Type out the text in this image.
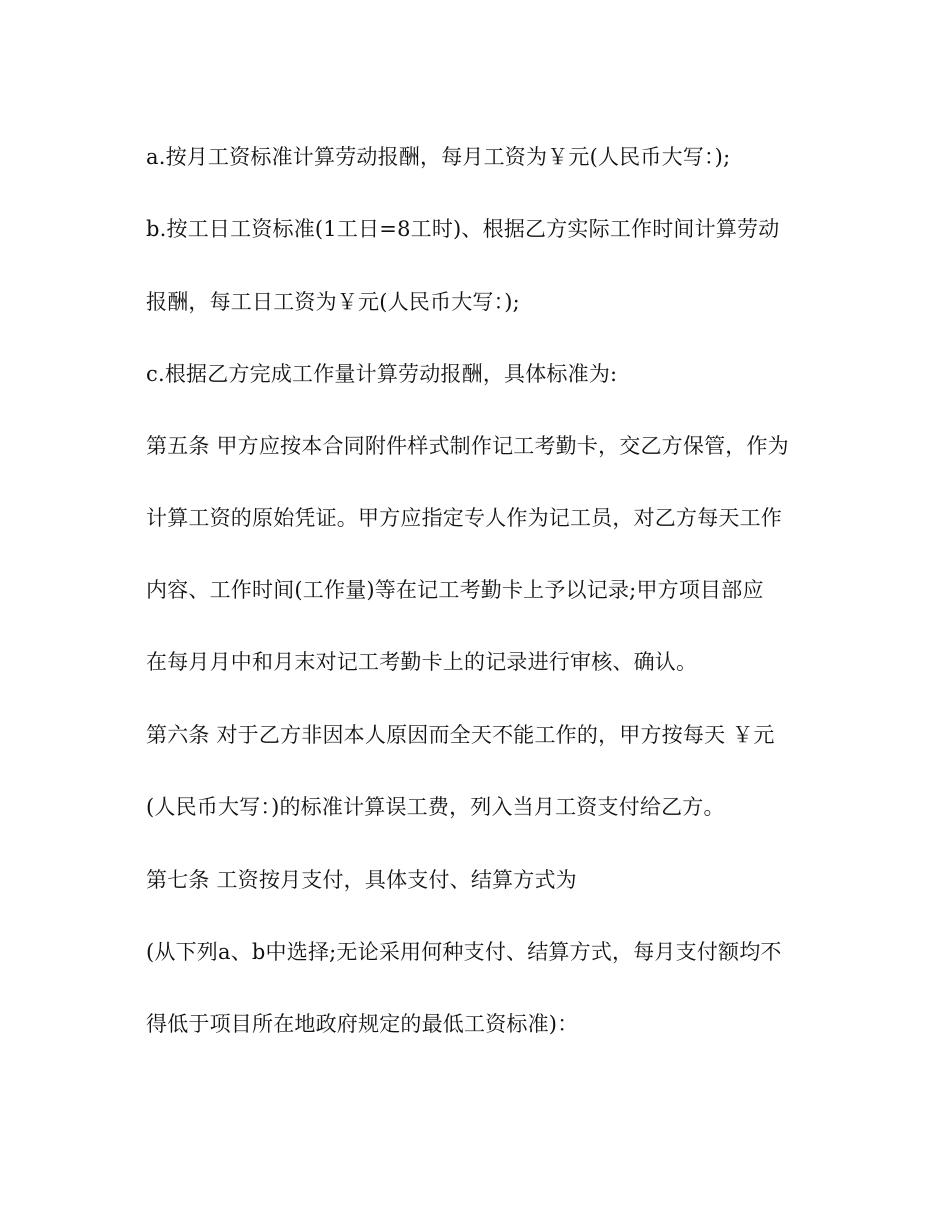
a.按月工资标准计算劳动报酬，每月工资为￥元(人民币大写：);
b.按工日工资标准(1工日=8工时)、根据乙方实际工作时间计算劳动
报酬，每工日工资为￥元(人民币大写：);
c.根据乙方完成工作量计算劳动报酬，具体标准为:
第五条 甲方应按本合同附件样式制作记工考勤卡，交乙方保管，作为
计算工资的原始凭证。甲方应指定专人作为记工员，对乙方每天工作
内容、工作时间(工作量)等在记工考勤卡上予以记录;甲方项目部应
在每月月中和月末对记工考勤卡上的记录进行审核、确认。
第六条 对于乙方非因本人原因而全天不能工作的，甲方按每天 ￥元
(人民币大写：)的标准计算误工费，列入当月工资支付给乙方。
第七条 工资按月支付，具体支付、结算方式为
(从下列a、b中选择;无论采用何种支付、结算方式，每月支付额均不
得低于项目所在地政府规定的最低工资标准)：
